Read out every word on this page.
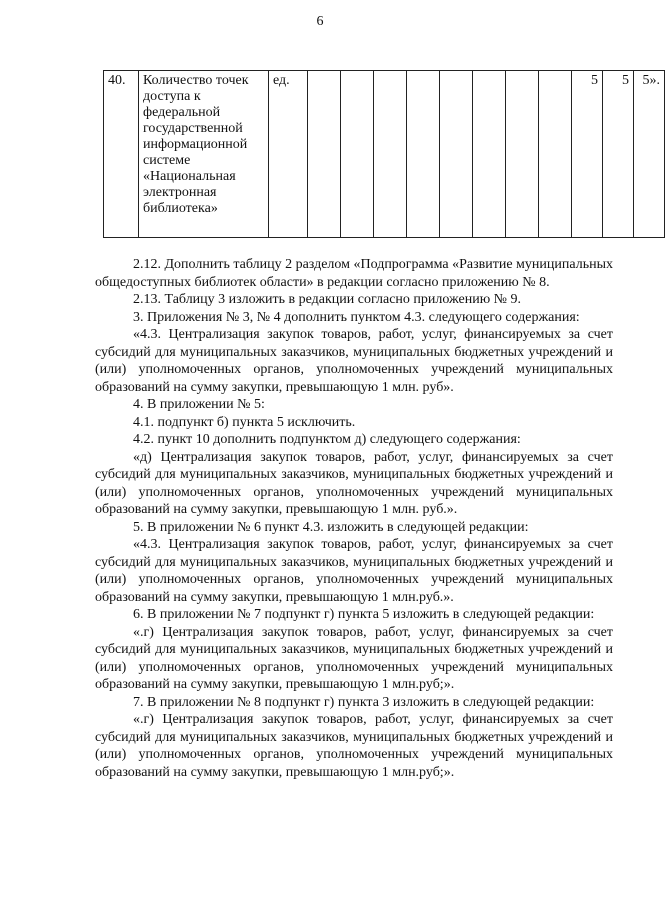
6
40.	Количество точек доступа к федеральной государственной информационной системе «Национальная электронная библиотека»	ед.									5	5	5».

2.12. Дополнить таблицу 2 разделом «Подпрограмма «Развитие муниципальных общедоступных библиотек области» в редакции согласно приложению № 8.

2.13. Таблицу 3 изложить в редакции согласно приложению № 9.

3. Приложения № 3, № 4 дополнить пунктом 4.3. следующего содержания:

«4.3. Централизация закупок товаров, работ, услуг, финансируемых за счет субсидий для муниципальных заказчиков, муниципальных бюджетных учреждений и (или) уполномоченных органов, уполномоченных учреждений муниципальных образований на сумму закупки, превышающую 1 млн. руб».

4. В приложении № 5:

4.1. подпункт б) пункта 5 исключить.

4.2. пункт 10 дополнить подпунктом д) следующего содержания:

«д) Централизация закупок товаров, работ, услуг, финансируемых за счет субсидий для муниципальных заказчиков, муниципальных бюджетных учреждений и (или) уполномоченных органов, уполномоченных учреждений муниципальных образований на сумму закупки, превышающую 1 млн. руб.».

5. В приложении № 6 пункт 4.3. изложить в следующей редакции:

«4.3. Централизация закупок товаров, работ, услуг, финансируемых за счет субсидий для муниципальных заказчиков, муниципальных бюджетных учреждений и (или) уполномоченных органов, уполномоченных учреждений муниципальных образований на сумму закупки, превышающую 1 млн.руб.».

6. В приложении № 7 подпункт г) пункта 5 изложить в следующей редакции:

«.г) Централизация закупок товаров, работ, услуг, финансируемых за счет субсидий для муниципальных заказчиков, муниципальных бюджетных учреждений и (или) уполномоченных органов, уполномоченных учреждений муниципальных образований на сумму закупки, превышающую 1 млн.руб;».

7. В приложении № 8 подпункт г) пункта 3 изложить в следующей редакции:

«.г) Централизация закупок товаров, работ, услуг, финансируемых за счет субсидий для муниципальных заказчиков, муниципальных бюджетных учреждений и (или) уполномоченных органов, уполномоченных учреждений муниципальных образований на сумму закупки, превышающую 1 млн.руб;».
